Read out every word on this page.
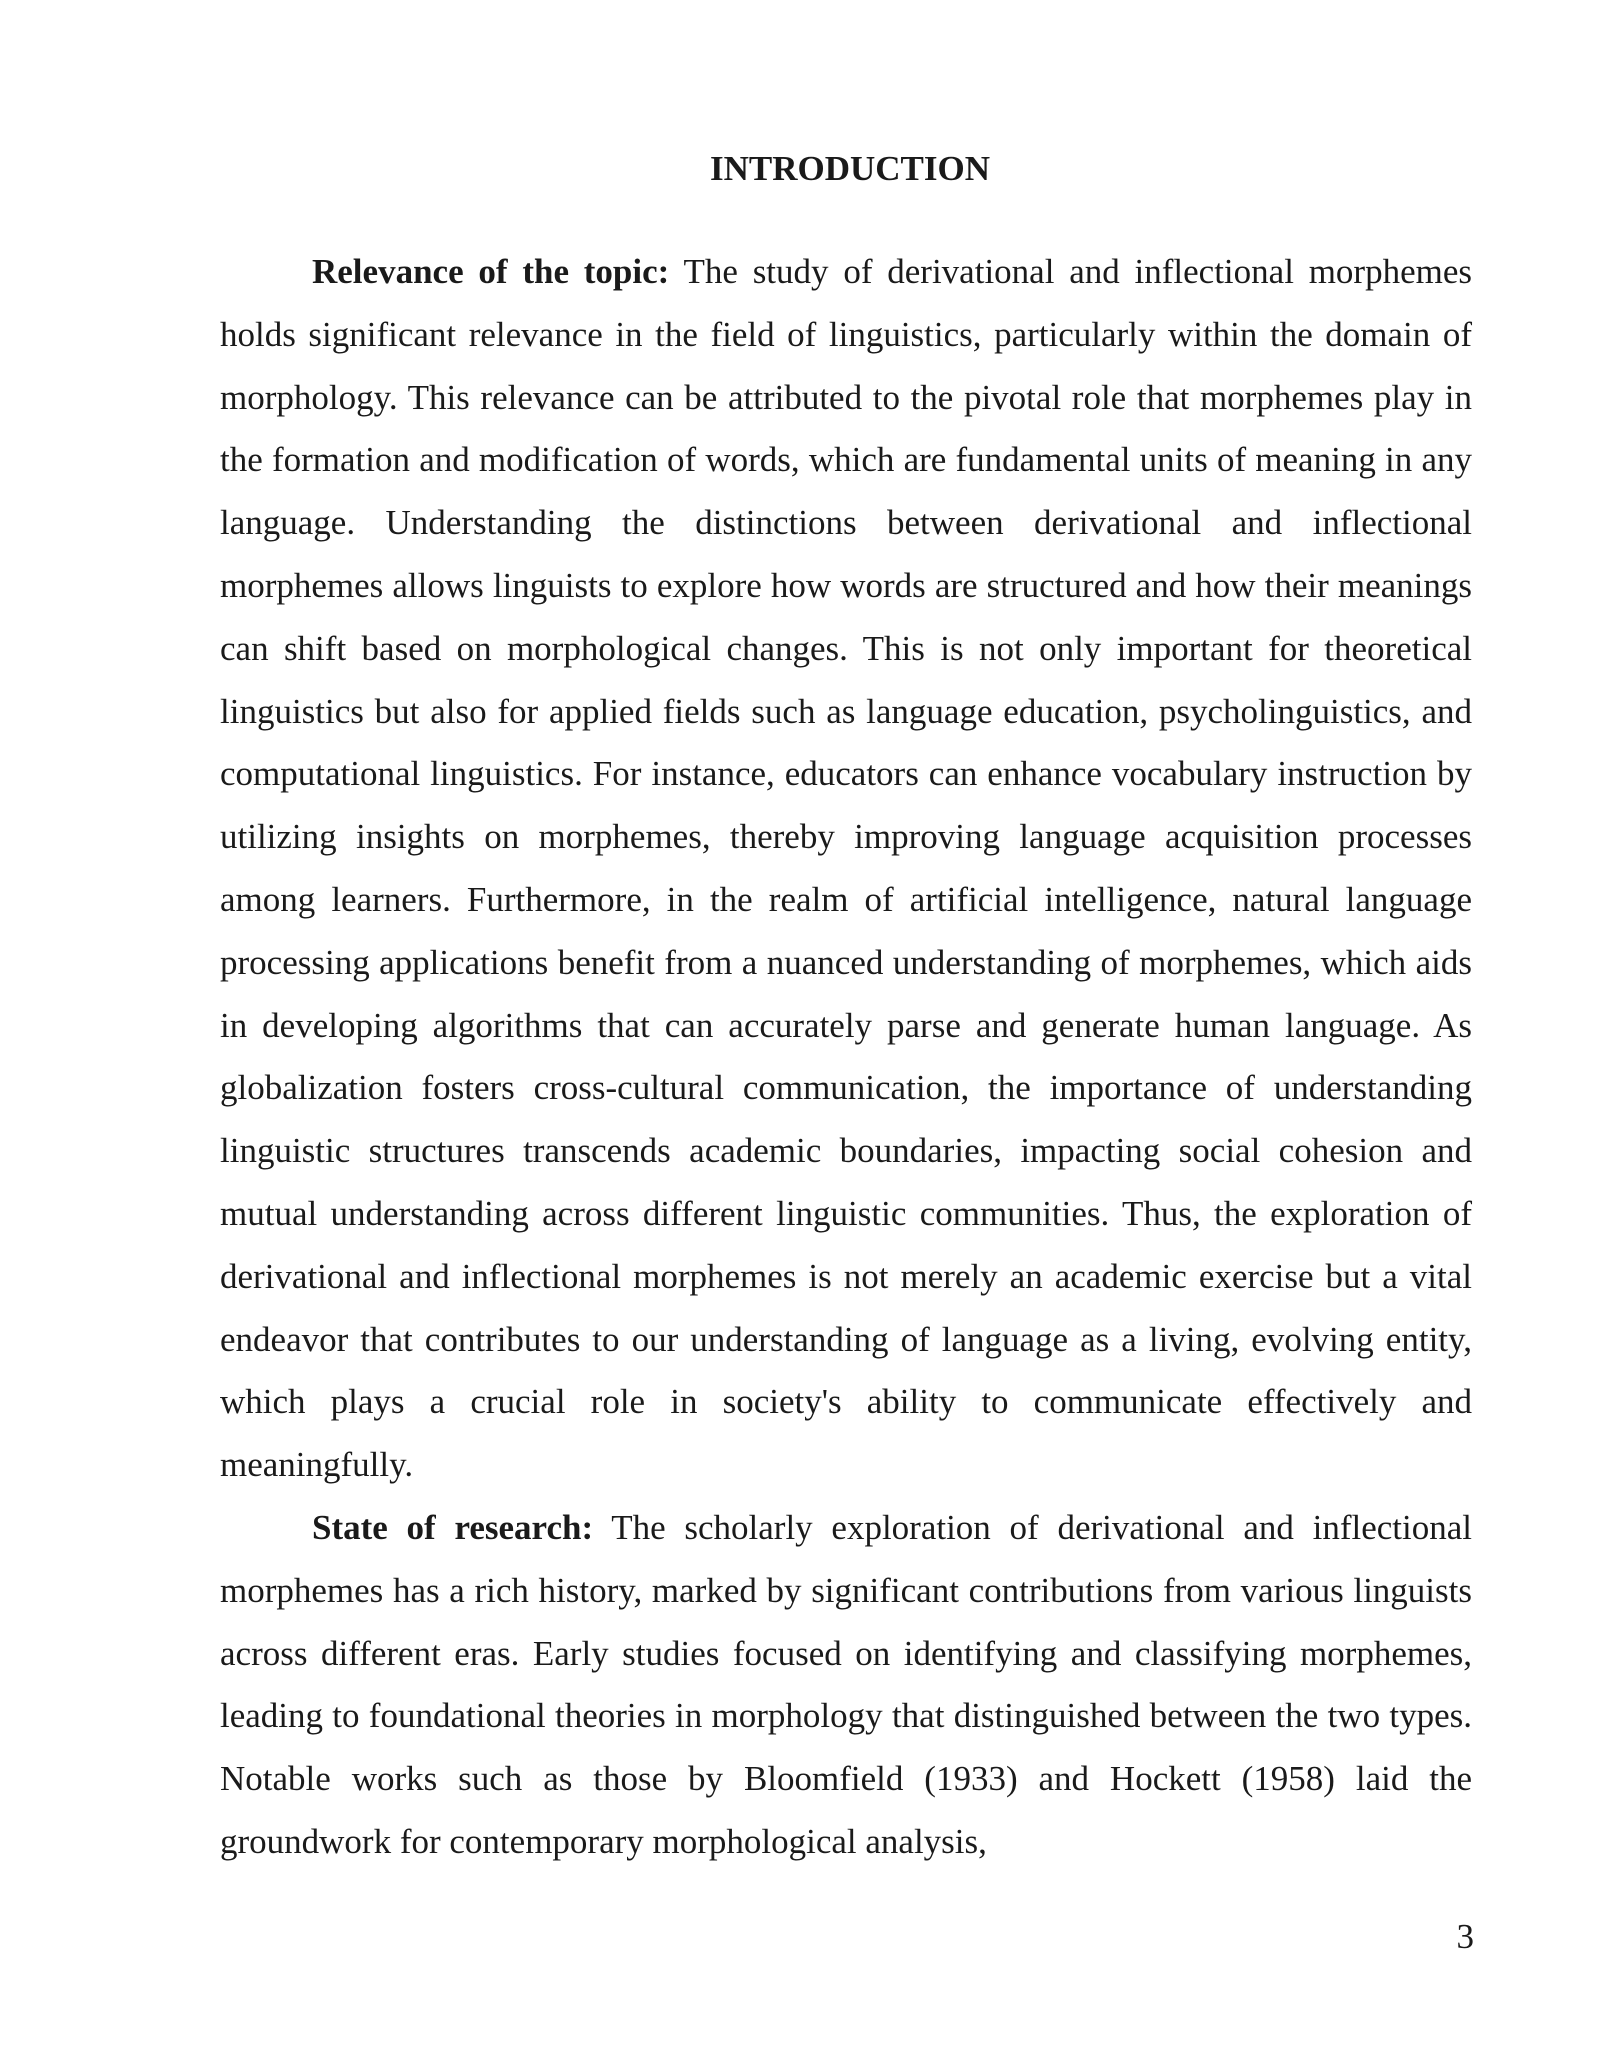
INTRODUCTION

Relevance of the topic: The study of derivational and inflectional morphemes holds significant relevance in the field of linguistics, particularly within the domain of morphology. This relevance can be attributed to the pivotal role that morphemes play in the formation and modification of words, which are fundamental units of meaning in any language. Understanding the distinctions between derivational and inflectional morphemes allows linguists to explore how words are structured and how their meanings can shift based on morphological changes. This is not only important for theoretical linguistics but also for applied fields such as language education, psycholinguistics, and computational linguistics. For instance, educators can enhance vocabulary instruction by utilizing insights on morphemes, thereby improving language acquisition processes among learners. Furthermore, in the realm of artificial intelligence, natural language processing applications benefit from a nuanced understanding of morphemes, which aids in developing algorithms that can accurately parse and generate human language. As globalization fosters cross-cultural communication, the importance of understanding linguistic structures transcends academic boundaries, impacting social cohesion and mutual understanding across different linguistic communities. Thus, the exploration of derivational and inflectional morphemes is not merely an academic exercise but a vital endeavor that contributes to our understanding of language as a living, evolving entity, which plays a crucial role in society's ability to communicate effectively and meaningfully.

State of research: The scholarly exploration of derivational and inflectional morphemes has a rich history, marked by significant contributions from various linguists across different eras. Early studies focused on identifying and classifying morphemes, leading to foundational theories in morphology that distinguished between the two types. Notable works such as those by Bloomfield (1933) and Hockett (1958) laid the groundwork for contemporary morphological analysis,

3
